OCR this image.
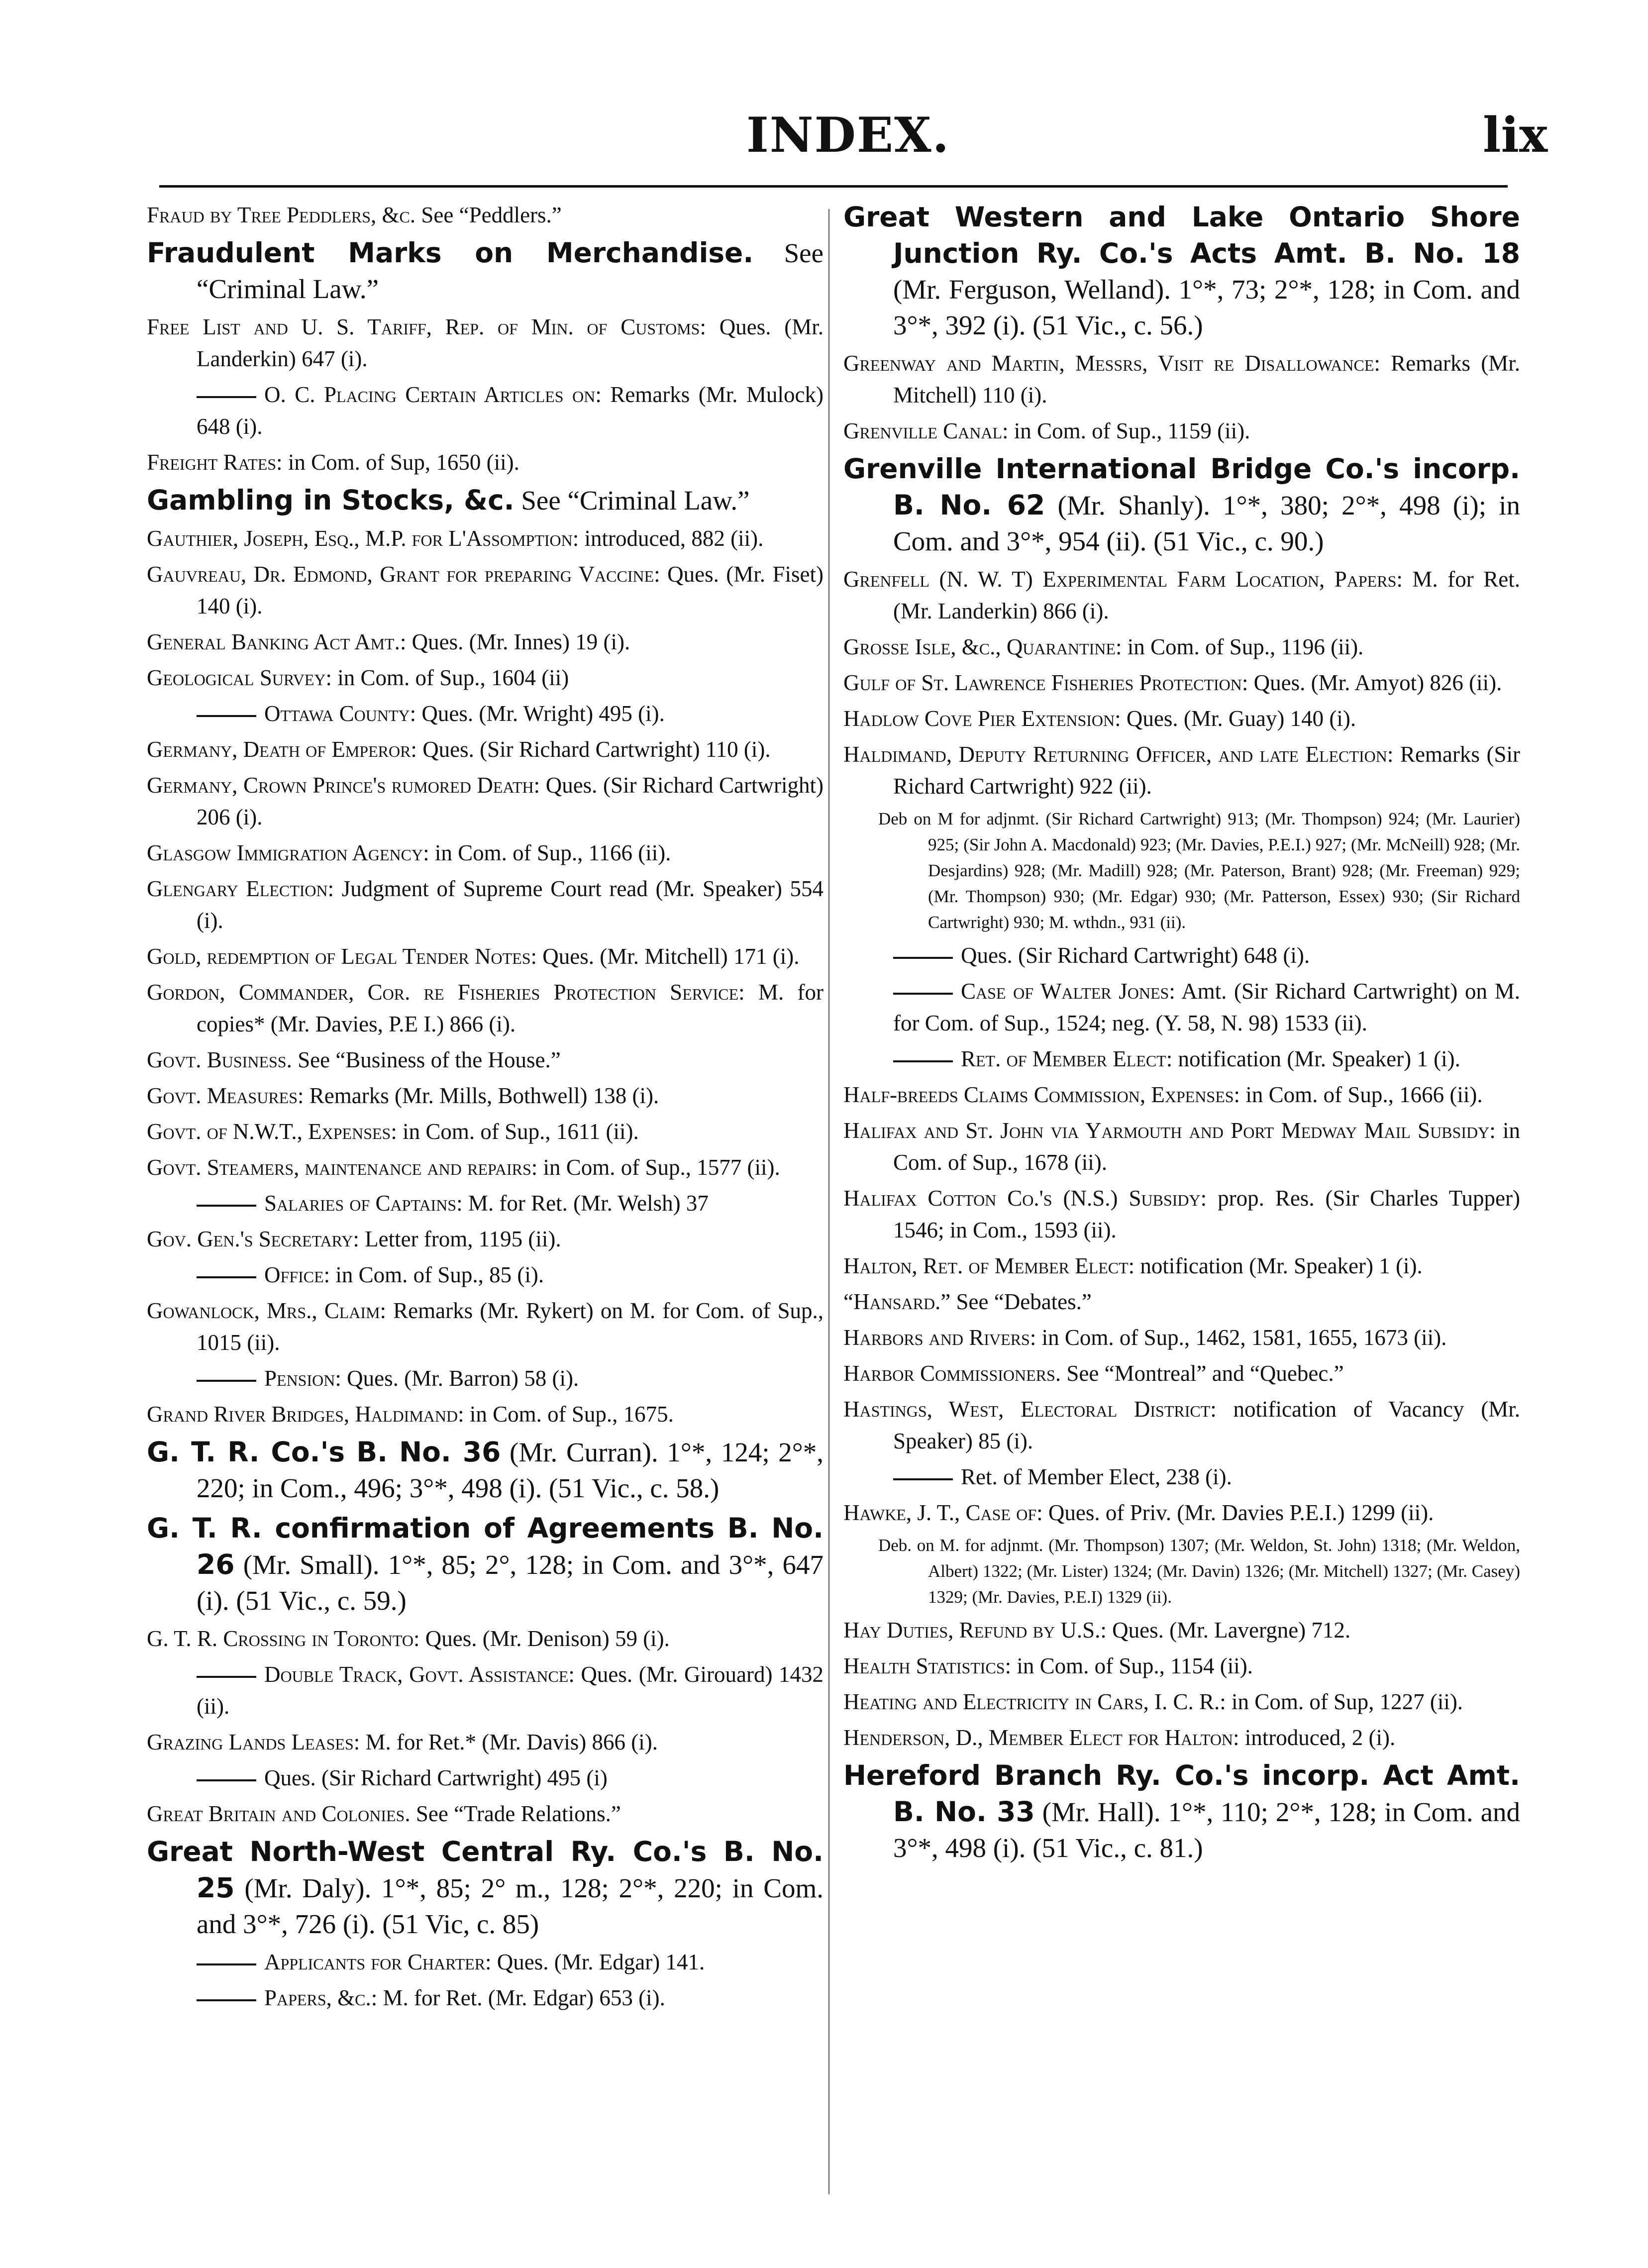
INDEX.	lix

Fraud by Tree Peddlers, &c. See “Peddlers.”

Fraudulent Marks on Merchandise. See “Criminal Law.”

Free List and U. S. Tariff, Rep. of Min. of Customs: Ques. (Mr. Landerkin) 647 (i).

O. C. Placing Certain Articles on: Remarks (Mr. Mulock) 648 (i).

Freight Rates: in Com. of Sup, 1650 (ii).

Gambling in Stocks, &c. See “Criminal Law.”

Gauthier, Joseph, Esq., M.P. for L'Assomption: introduced, 882 (ii).

Gauvreau, Dr. Edmond, Grant for preparing Vaccine: Ques. (Mr. Fiset) 140 (i).

General Banking Act Amt.: Ques. (Mr. Innes) 19 (i).

Geological Survey: in Com. of Sup., 1604 (ii)

Ottawa County: Ques. (Mr. Wright) 495 (i).

Germany, Death of Emperor: Ques. (Sir Richard Cartwright) 110 (i).

Germany, Crown Prince's rumored Death: Ques. (Sir Richard Cartwright) 206 (i).

Glasgow Immigration Agency: in Com. of Sup., 1166 (ii).

Glengary Election: Judgment of Supreme Court read (Mr. Speaker) 554 (i).

Gold, redemption of Legal Tender Notes: Ques. (Mr. Mitchell) 171 (i).

Gordon, Commander, Cor. re Fisheries Protection Service: M. for copies* (Mr. Davies, P.E I.) 866 (i).

Govt. Business. See “Business of the House.”

Govt. Measures: Remarks (Mr. Mills, Bothwell) 138 (i).

Govt. of N.W.T., Expenses: in Com. of Sup., 1611 (ii).

Govt. Steamers, maintenance and repairs: in Com. of Sup., 1577 (ii).

Salaries of Captains: M. for Ret. (Mr. Welsh) 37

Gov. Gen.'s Secretary: Letter from, 1195 (ii).

Office: in Com. of Sup., 85 (i).

Gowanlock, Mrs., Claim: Remarks (Mr. Rykert) on M. for Com. of Sup., 1015 (ii).

Pension: Ques. (Mr. Barron) 58 (i).

Grand River Bridges, Haldimand: in Com. of Sup., 1675.

G. T. R. Co.'s B. No. 36 (Mr. Curran). 1°*, 124; 2°*, 220; in Com., 496; 3°*, 498 (i). (51 Vic., c. 58.)

G. T. R. confirmation of Agreements B. No. 26 (Mr. Small). 1°*, 85; 2°, 128; in Com. and 3°*, 647 (i). (51 Vic., c. 59.)

G. T. R. Crossing in Toronto: Ques. (Mr. Denison) 59 (i).

Double Track, Govt. Assistance: Ques. (Mr. Girouard) 1432 (ii).

Grazing Lands Leases: M. for Ret.* (Mr. Davis) 866 (i).

Ques. (Sir Richard Cartwright) 495 (i)

Great Britain and Colonies. See “Trade Relations.”

Great North-West Central Ry. Co.'s B. No. 25 (Mr. Daly). 1°*, 85; 2° m., 128; 2°*, 220; in Com. and 3°*, 726 (i). (51 Vic, c. 85)

Applicants for Charter: Ques. (Mr. Edgar) 141.

Papers, &c.: M. for Ret. (Mr. Edgar) 653 (i).

Great Western and Lake Ontario Shore Junction Ry. Co.'s Acts Amt. B. No. 18 (Mr. Ferguson, Welland). 1°*, 73; 2°*, 128; in Com. and 3°*, 392 (i). (51 Vic., c. 56.)

Greenway and Martin, Messrs, Visit re Disallowance: Remarks (Mr. Mitchell) 110 (i).

Grenville Canal: in Com. of Sup., 1159 (ii).

Grenville International Bridge Co.'s incorp. B. No. 62 (Mr. Shanly). 1°*, 380; 2°*, 498 (i); in Com. and 3°*, 954 (ii). (51 Vic., c. 90.)

Grenfell (N. W. T) Experimental Farm Location, Papers: M. for Ret. (Mr. Landerkin) 866 (i).

Grosse Isle, &c., Quarantine: in Com. of Sup., 1196 (ii).

Gulf of St. Lawrence Fisheries Protection: Ques. (Mr. Amyot) 826 (ii).

Hadlow Cove Pier Extension: Ques. (Mr. Guay) 140 (i).

Haldimand, Deputy Returning Officer, and late Election: Remarks (Sir Richard Cartwright) 922 (ii).

Deb on M for adjnmt. (Sir Richard Cartwright) 913; (Mr. Thompson) 924; (Mr. Laurier) 925; (Sir John A. Macdonald) 923; (Mr. Davies, P.E.I.) 927; (Mr. McNeill) 928; (Mr. Desjardins) 928; (Mr. Madill) 928; (Mr. Paterson, Brant) 928; (Mr. Freeman) 929; (Mr. Thompson) 930; (Mr. Edgar) 930; (Mr. Patterson, Essex) 930; (Sir Richard Cartwright) 930; M. wthdn., 931 (ii).

Ques. (Sir Richard Cartwright) 648 (i).

Case of Walter Jones: Amt. (Sir Richard Cartwright) on M. for Com. of Sup., 1524; neg. (Y. 58, N. 98) 1533 (ii).

Ret. of Member Elect: notification (Mr. Speaker) 1 (i).

Half-breeds Claims Commission, Expenses: in Com. of Sup., 1666 (ii).

Halifax and St. John via Yarmouth and Port Medway Mail Subsidy: in Com. of Sup., 1678 (ii).

Halifax Cotton Co.'s (N.S.) Subsidy: prop. Res. (Sir Charles Tupper) 1546; in Com., 1593 (ii).

Halton, Ret. of Member Elect: notification (Mr. Speaker) 1 (i).

“Hansard.” See “Debates.”

Harbors and Rivers: in Com. of Sup., 1462, 1581, 1655, 1673 (ii).

Harbor Commissioners. See “Montreal” and “Quebec.”

Hastings, West, Electoral District: notification of Vacancy (Mr. Speaker) 85 (i).

Ret. of Member Elect, 238 (i).

Hawke, J. T., Case of: Ques. of Priv. (Mr. Davies P.E.I.) 1299 (ii).

Deb. on M. for adjnmt. (Mr. Thompson) 1307; (Mr. Weldon, St. John) 1318; (Mr. Weldon, Albert) 1322; (Mr. Lister) 1324; (Mr. Davin) 1326; (Mr. Mitchell) 1327; (Mr. Casey) 1329; (Mr. Davies, P.E.I) 1329 (ii).

Hay Duties, Refund by U.S.: Ques. (Mr. Lavergne) 712.

Health Statistics: in Com. of Sup., 1154 (ii).

Heating and Electricity in Cars, I. C. R.: in Com. of Sup, 1227 (ii).

Henderson, D., Member Elect for Halton: introduced, 2 (i).

Hereford Branch Ry. Co.'s incorp. Act Amt. B. No. 33 (Mr. Hall). 1°*, 110; 2°*, 128; in Com. and 3°*, 498 (i). (51 Vic., c. 81.)
